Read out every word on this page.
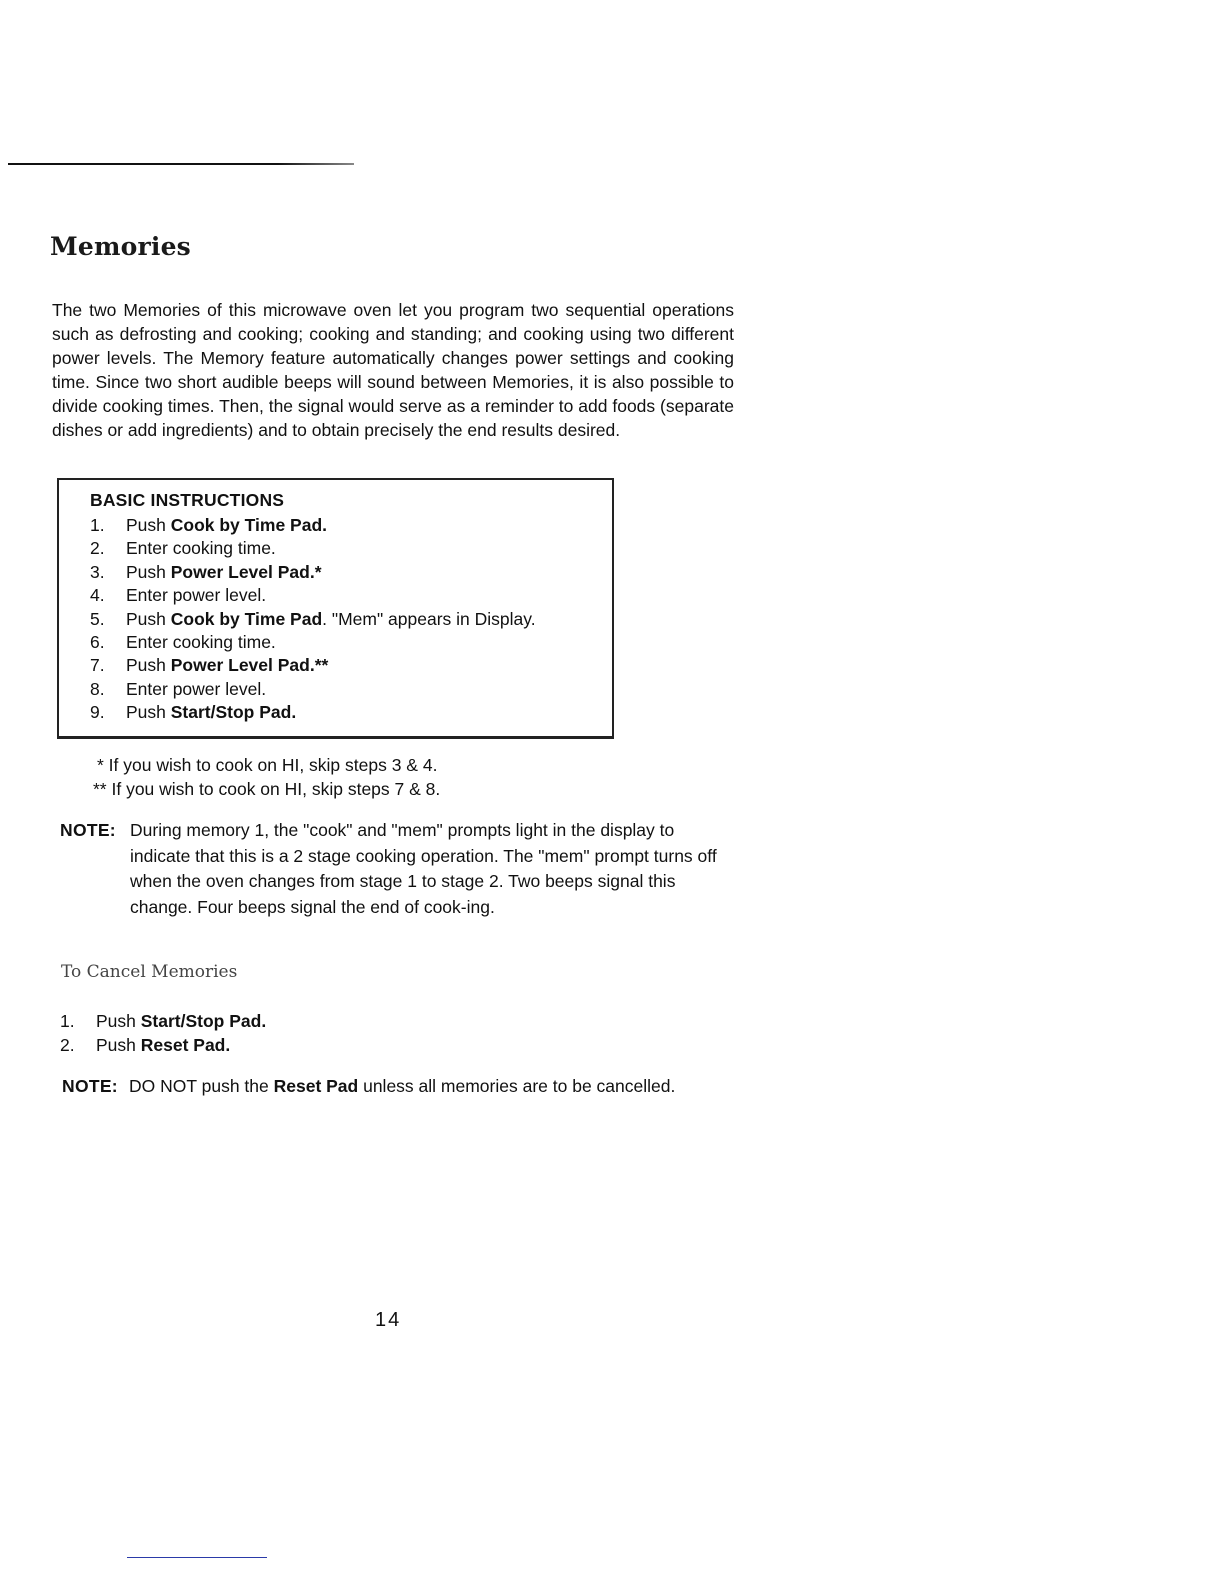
Memories

The two Memories of this microwave oven let you program two sequential operations such as defrosting and cooking; cooking and standing; and cooking using two different power levels. The Memory feature automatically changes power settings and cooking time. Since two short audible beeps will sound between Memories, it is also possible to divide cooking times. Then, the signal would serve as a reminder to add foods (separate dishes or add ingredients) and to obtain precisely the end results desired.

BASIC INSTRUCTIONS
1. Push Cook by Time Pad.
2. Enter cooking time.
3. Push Power Level Pad.*
4. Enter power level.
5. Push Cook by Time Pad. "Mem" appears in Display.
6. Enter cooking time.
7. Push Power Level Pad.**
8. Enter power level.
9. Push Start/Stop Pad.
* If you wish to cook on HI, skip steps 3 & 4.
** If you wish to cook on HI, skip steps 7 & 8.
NOTE: During memory 1, the "cook" and "mem" prompts light in the display to indicate that this is a 2 stage cooking operation. The "mem" prompt turns off when the oven changes from stage 1 to stage 2. Two beeps signal this change. Four beeps signal the end of cook-ing.
To Cancel Memories
1. Push Start/Stop Pad.
2. Push Reset Pad.
NOTE: DO NOT push the Reset Pad unless all memories are to be cancelled.
14
